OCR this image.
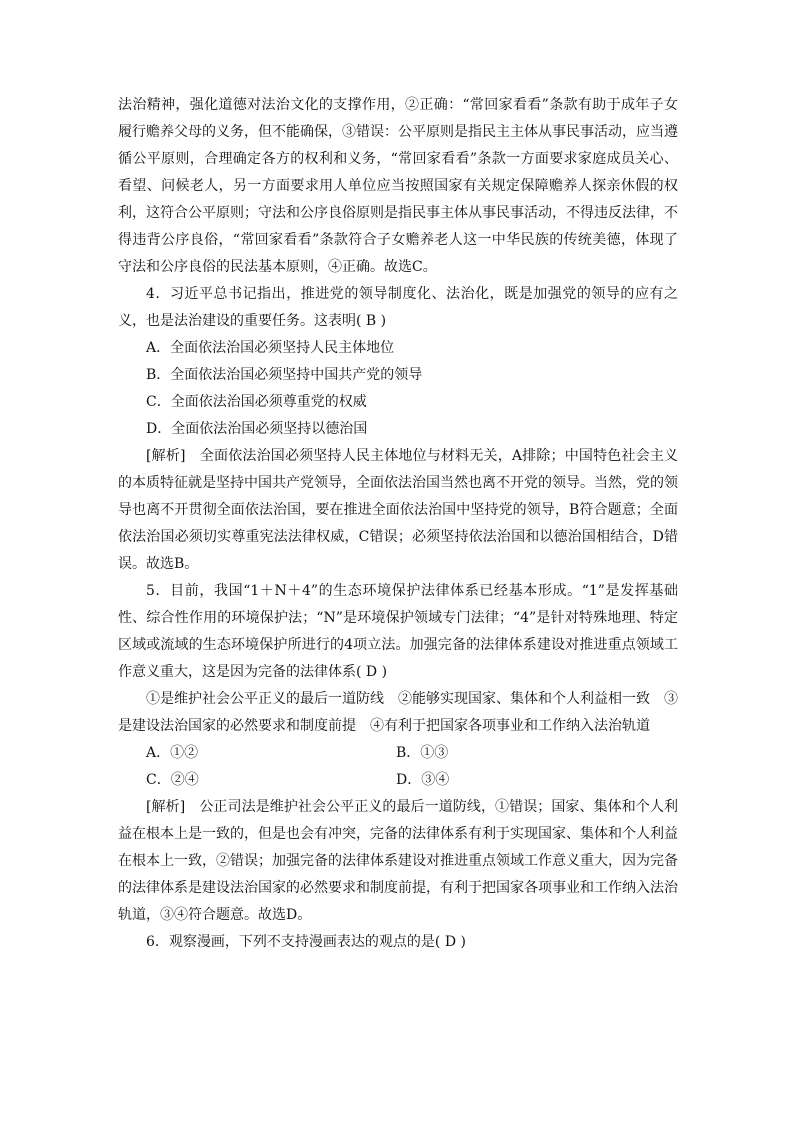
法治精神，强化道德对法治文化的支撑作用，②正确：“常回家看看”条款有助于成年子女履行赡养父母的义务，但不能确保，③错误：公平原则是指民主主体从事民事活动，应当遵循公平原则，合理确定各方的权利和义务，“常回家看看”条款一方面要求家庭成员关心、看望、问候老人，另一方面要求用人单位应当按照国家有关规定保障赡养人探亲休假的权利，这符合公平原则；守法和公序良俗原则是指民事主体从事民事活动，不得违反法律，不得违背公序良俗，“常回家看看”条款符合子女赡养老人这一中华民族的传统美德，体现了守法和公序良俗的民法基本原则，④正确。故选C。

4．习近平总书记指出，推进党的领导制度化、法治化，既是加强党的领导的应有之义，也是法治建设的重要任务。这表明( B )

A．全面依法治国必须坚持人民主体地位

B．全面依法治国必须坚持中国共产党的领导

C．全面依法治国必须尊重党的权威

D．全面依法治国必须坚持以德治国

[解析]　 全面依法治国必须坚持人民主体地位与材料无关，A排除；中国特色社会主义的本质特征就是坚持中国共产党领导，全面依法治国当然也离不开党的领导。当然，党的领导也离不开贯彻全面依法治国，要在推进全面依法治国中坚持党的领导，B符合题意；全面依法治国必须切实尊重宪法法律权威，C错误；必须坚持依法治国和以德治国相结合，D错误。故选B。

5．目前，我国“1＋N＋4”的生态环境保护法律体系已经基本形成。“1”是发挥基础性、综合性作用的环境保护法；“N”是环境保护领域专门法律；“4”是针对特殊地理、特定区域或流域的生态环境保护所进行的4项立法。加强完备的法律体系建设对推进重点领域工作意义重大，这是因为完备的法律体系( D )

①是维护社会公平正义的最后一道防线　②能够实现国家、集体和个人利益相一致　③是建设法治国家的必然要求和制度前提　④有利于把国家各项事业和工作纳入法治轨道

A．①②	B．①③
C．②④	D．③④

[解析]　 公正司法是维护社会公平正义的最后一道防线，①错误；国家、集体和个人利益在根本上是一致的，但是也会有冲突，完备的法律体系有利于实现国家、集体和个人利益在根本上一致，②错误；加强完备的法律体系建设对推进重点领域工作意义重大，因为完备的法律体系是建设法治国家的必然要求和制度前提，有利于把国家各项事业和工作纳入法治轨道，③④符合题意。故选D。

6．观察漫画，下列不支持漫画表达的观点的是( D )
